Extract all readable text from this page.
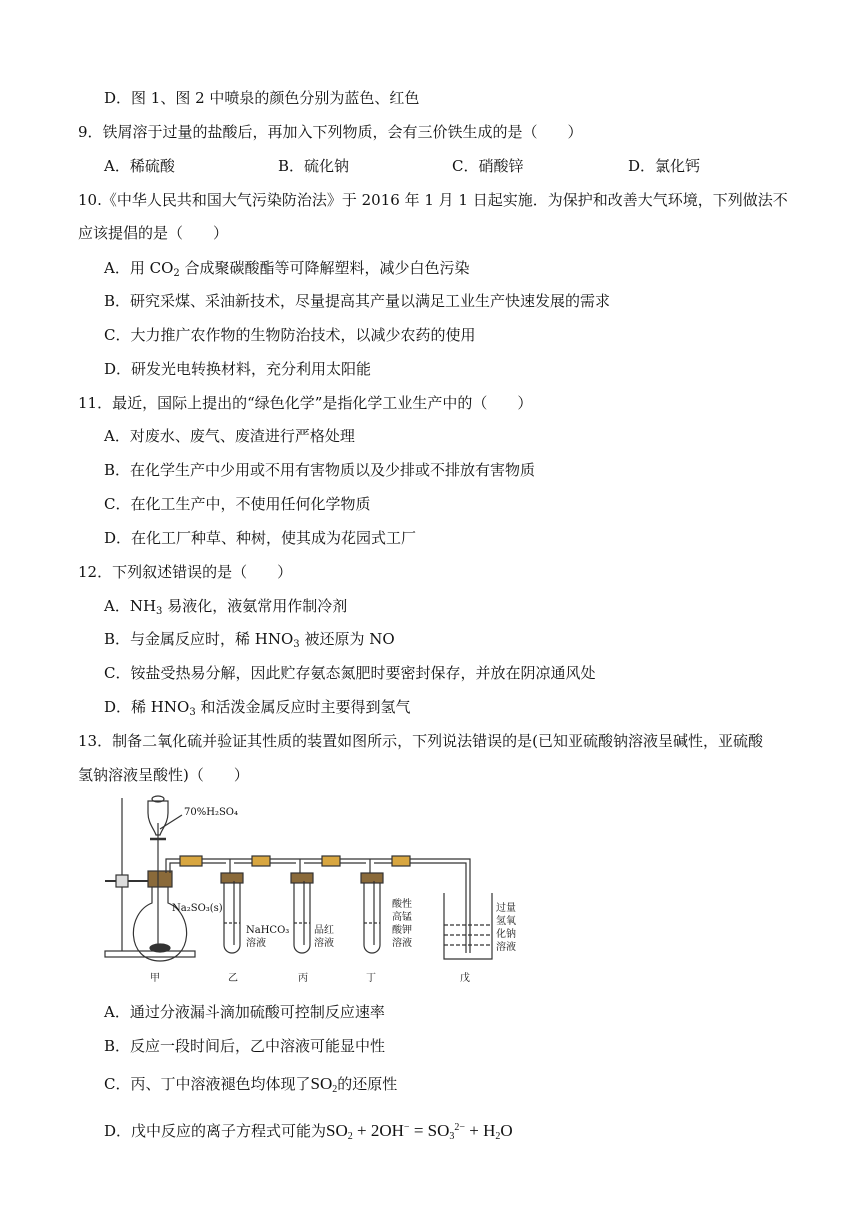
D．图 1、图 2 中喷泉的颜色分别为蓝色、红色
9．铁屑溶于过量的盐酸后，再加入下列物质，会有三价铁生成的是（　　）
A．稀硫酸	B．硫化钠	C．硝酸锌	D．氯化钙
10.《中华人民共和国大气污染防治法》于 2016 年 1 月 1 日起实施．为保护和改善大气环境，下列做法不
应该提倡的是（　　）
A．用 $CO_2$ 合成聚碳酸酯等可降解塑料，减少白色污染
B．研究采煤、采油新技术，尽量提高其产量以满足工业生产快速发展的需求
C．大力推广农作物的生物防治技术，以减少农药的使用
D．研发光电转换材料，充分利用太阳能
11．最近，国际上提出的“绿色化学”是指化学工业生产中的（　　）
A．对废水、废气、废渣进行严格处理
B．在化学生产中少用或不用有害物质以及少排或不排放有害物质
C．在化工生产中，不使用任何化学物质
D．在化工厂种草、种树，使其成为花园式工厂
12．下列叙述错误的是（　　）
A．$NH_3$ 易液化，液氨常用作制冷剂
B．与金属反应时，稀 $HNO_3$ 被还原为 NO
C．铵盐受热易分解，因此贮存氨态氮肥时要密封保存，并放在阴凉通风处
D．稀 $HNO_3$ 和活泼金属反应时主要得到氢气
13．制备二氧化硫并验证其性质的装置如图所示，下列说法错误的是(已知亚硫酸钠溶液呈碱性，亚硫酸
氢钠溶液呈酸性)（　　）
70%H₂SO₄
Na₂SO₃(s)
NaHCO₃
溶液
品红
溶液
酸性
高锰
酸钾
溶液
过量
氢氧
化钠
溶液
甲	乙	丙	丁	戊
A．通过分液漏斗滴加硫酸可控制反应速率
B．反应一段时间后，乙中溶液可能显中性
C．丙、丁中溶液褪色均体现了$SO_2$的还原性
D．戊中反应的离子方程式可能为$SO_2 + 2OH^- = SO_3^{2-} + H_2O$
